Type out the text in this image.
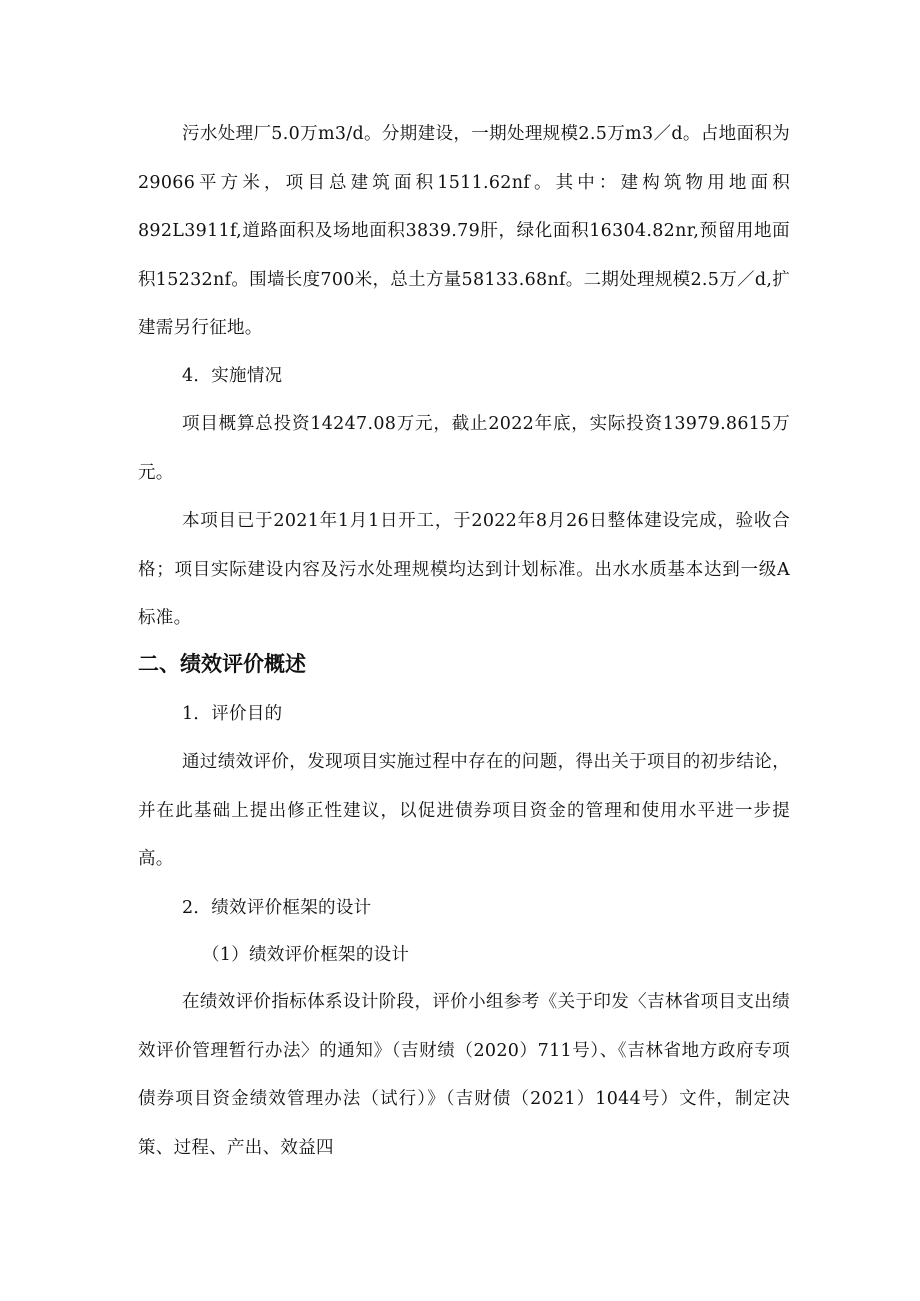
污水处理厂5.0万m3/d。分期建设，一期处理规模2.5万m3／d。占地面积为29066平方米，项目总建筑面积1511.62nf。其中：建构筑物用地面积892L3911f,道路面积及场地面积3839.79肝，绿化面积16304.82nr,预留用地面积15232nf。围墙长度700米，总土方量58133.68nf。二期处理规模2.5万／d,扩建需另行征地。

4．实施情况

项目概算总投资14247.08万元，截止2022年底，实际投资13979.8615万元。

本项目已于2021年1月1日开工，于2022年8月26日整体建设完成，验收合格；项目实际建设内容及污水处理规模均达到计划标准。出水水质基本达到一级A标准。

二、绩效评价概述

1．评价目的

通过绩效评价，发现项目实施过程中存在的问题，得出关于项目的初步结论，并在此基础上提出修正性建议，以促进债券项目资金的管理和使用水平进一步提高。

2．绩效评价框架的设计

（1）绩效评价框架的设计

在绩效评价指标体系设计阶段，评价小组参考《关于印发〈吉林省项目支出绩效评价管理暂行办法〉的通知》（吉财绩（2020）711号）、《吉林省地方政府专项债券项目资金绩效管理办法（试行）》（吉财债（2021）1044号）文件，制定决策、过程、产出、效益四
